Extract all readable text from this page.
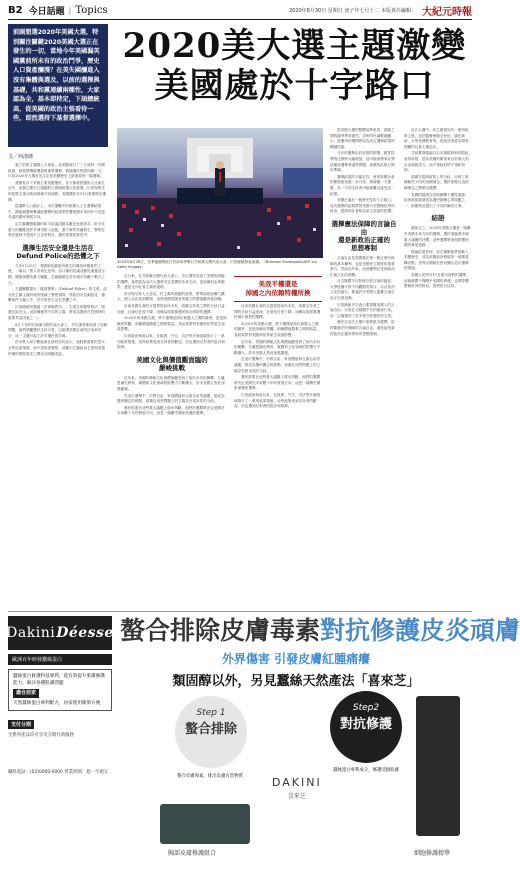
B2 今日話題 | Topics	2020年8月30日 星期日 庚子年七月十二 本版責任編輯： 大紀元時報
前副想選2020年美國大選，特別關注關鍵2020美國大選正在發生的一切，當地今年美國漏英國黨前所未有的政治鬥爭，歷史人口資產瀰漫？在美失國瀰進入沒有集體與選及，以前的選擇與基礎，共和黨連續兩種性，大家認為全，基本即持定，下屆總統高，從美國的政治主張看待一些，即然選持下基督選擇中。
2020美大選主題激變
美國處於十字路口
文／何清漣

東亡的的主義國人士來說，北美國會打了三方面對一中國經濟，基督教傳統價值與重要選舉，無論選民們認同哪一方，川普2020年大選首先注定是美國歷史上最重要的一場選舉。

我國有以下多個主要美國選民，各方都被挑選的人社會生活中，這個主題早已超越對立兩個候選人的意義，川普與對手的政策主張反映到兩條不同道路，美國選民在11月需要做出選擇。

從選舉人口統計上，本次選戰中的兩黨人士在選舉結果中，總統競選與參議院選舉的結果將影響美國未來四年乃至更長遠的國家發展方向。

由左翼團體組織的和平抗議活動本應是表達訴求，但今年夏天的騷亂使許多城市陷入混亂，暴力事件持續發生，警察在執法過程中受到不公正的對待，選民需要認真思考。

選擇生活安全還是生活在
Defund Police的恐懼之下

今年5月25日，美國明尼蘇達州發生的佛洛伊德事件之後，一場以「黑人的命也是命」為口號的抗議活動迅速蔓延全國，隨後演變為暴力騷亂，打砸搶燒在許多城市持續了數月之久。

左翼團體提出「撤資警察」（Defund Police）的主張，部分民主黨主政的城市削減了警察預算，導致治安急劇惡化，槍擊案件大幅上升，許多居民生活在恐懼之中。

川普總統則強調「法律與秩序」，主張支持警察執法，保護社區安全。這兩種截然不同的立場，將成為選民在投票時的重要考量因素之一。

8月下旬的共和黨全國代表大會上，多位講者都談到了這個問題，他們呼籲選民支持川普，以維護美國社會的法治和安全，這一主題引起了許多選民的共鳴。

許多黑人和少數族裔社區的居民表示，他們最需要的是安全的社區環境，而不是取消警察，這顯示左翼政治主張與普通民眾的實際需求之間存在明顯差距。

2020年8月28日，在華盛頓特區白宮南草坪舉行共和黨全國代表大會，川普總統發表演講。（Brendan Smialowski/AFP via Getty Images）

近日來，在共和黨全國代表大會上，多位講者談到了美國所面臨的選擇，他們認為這次大選將決定美國的未來走向，是延續自由與繁榮，還是走向社會主義的道路。

許多保守派人士認為，民主黨所推動的政策，將導致政府權力擴大，個人自由受到限制，這與美國建國者所確立的價值觀背道而馳。

目前美國社會的分裂程度前所未有，兩黨支持者之間的分歧日益加深，社會信任度下降，這種局面需要選民做出明智的選擇。

2020年的美國大選，將不僅僅是兩位候選人之間的競爭，更是兩種世界觀、兩種價值體系之間的較量，其結果將對美國和世界產生深遠影響。

川普政府執政以來，在經濟、外交、司法等多個領域推行了一系列改革措施，這些政策受到支持者的歡迎，但也遭到反對者的批評和抵制。

美國文化與價值觀面臨的
嚴峻挑戰

近年來，美國的傳統文化與價值觀受到了前所未有的衝擊，左翼思潮在教育、媒體和文化領域的影響力不斷擴大，許多美國人對此深感憂慮。

在這次選舉中，宗教自由、家庭價值和言論自由等議題，都成為選民關注的焦點，兩黨在這些問題上的立場存在根本性的分歧。

選民需要在這些重大議題上做出判斷，他們的選擇將決定美國在未來數十年的發展方向，這是一場關乎國家命運的選舉。

美我平權還是
掉國之內依賴特權所換

目前美國社會的分裂程度前所未有，兩黨支持者之間的分歧日益加深，社會信任度下降，這種局面需要選民做出明智的選擇。

2020年的美國大選，將不僅僅是兩位候選人之間的競爭，更是兩種世界觀、兩種價值體系之間的較量，其結果將對美國和世界產生深遠影響。

近年來，美國的傳統文化與價值觀受到了前所未有的衝擊，左翼思潮在教育、媒體和文化領域的影響力不斷擴大，許多美國人對此深感憂慮。

在這次選舉中，宗教自由、家庭價值和言論自由等議題，都成為選民關注的焦點，兩黨在這些問題上的立場存在根本性的分歧。

選民需要在這些重大議題上做出判斷，他們的選擇將決定美國在未來數十年的發展方向，這是一場關乎國家命運的選舉。

川普政府執政以來，在經濟、外交、司法等多個領域推行了一系列改革措施，這些政策受到支持者的歡迎，但也遭到反對者的批評和抵制。

從美國大選的整體局勢來看，兩黨之間的競爭異常激烈，各州的民調數據顯示，搖擺州的選情將成為決定選舉結果的關鍵因素。

今年的選舉由於疫情的影響，郵寄投票的比例將大幅增加，這可能會帶來計票延遲和選舉爭議等問題，兩黨對此都已做好準備。

選舉結果的不確定性，使得美國社會的緊張氣氛進一步升高，無論哪一方獲勝，另一方的支持者可能都難以接受這一結果。

美國正處於一個歷史性的十字路口，這次選舉的結果將對美國乃至整個世界的政治、經濟和社會格局產生深遠的影響。

選擇憲法保障的言論自由
還是新政治正確的
思想專制

言論自由是美國憲法第一修正案所保障的基本權利，也是美國民主制度的重要基石。然而近年來，這項權利正受到政治正確文化的挑戰。

社交媒體平台對保守派言論的審查，大學校園中對不同觀點的排斥，以及取消文化的盛行，都讓許多美國人擔憂言論自由正在被侵蝕。

川普總統多次表示要捍衛美國人的言論自由，反對社交媒體平台的審查行為，這一立場獲得了許多保守派選民的支持。

選民在這次大選中需要做出選擇，是捍衛憲法所保障的言論自由，還是接受新的政治正確所帶來的思想限制。

這次大選中，民主黨提出的一系列政策主張，包括醫療保險全民化、綠色新政、大學免費教育等，被批評者認為帶有明顯的社會主義色彩。

共和黨則強調自由市場經濟和有限政府的原則，認為美國的繁榮來自於個人的自由和創造力，而不是政府的干預和管制。

兩黨在經濟政策上的分歧，反映了兩種截然不同的治國理念，選民需要在這兩種理念之間做出選擇。

美國的經濟在疫情衝擊下遭受重創，如何重振經濟成為選民最關心的問題之一，兩黨對此提出了不同的解決方案。

結語

總而言之，2020年美國大選是一場關乎美國未來方向的選舉，選民面臨著多個重大議題的抉擇，這些選擇將深刻影響美國的發展道路。

無論結果如何，這次選舉都將被載入美國歷史，成為美國政治發展的一個重要轉折點，世界各國都在密切關注這次選舉的進展。

美國人民將在11月做出他們的選擇，這個選擇不僅關乎美國的命運，也將影響整個世界的格局，我們拭目以待。

Dakini Déesse
歐洲百年研發蠶絲蛋白
蠶絲蛋白修護科技專利，能有效提升肌膚修護能力，解決各種肌膚問題
適合居家
天然蠶絲蛋白專利配方，居家使用簡單方便
支付分期
全系列產品均可享受分期付款服務
聯絡電話：(02)0000-0000 營業時間：週一至週五
螯合排除皮膚毒素對抗修護皮炎頑膚
外界傷害 引發皮膚紅腫痛癢
類固醇以外，另見蠶絲天然產法「喜來芝」
Step 1
螯合排除
螯合皮膚毒素，排出皮膚有害物質
Step2
對抗修護
蠶絲蛋白專利成分，修護受損肌膚
DAKINI
喜來芝
胸部皮膚修護組合	細胞修護精華
